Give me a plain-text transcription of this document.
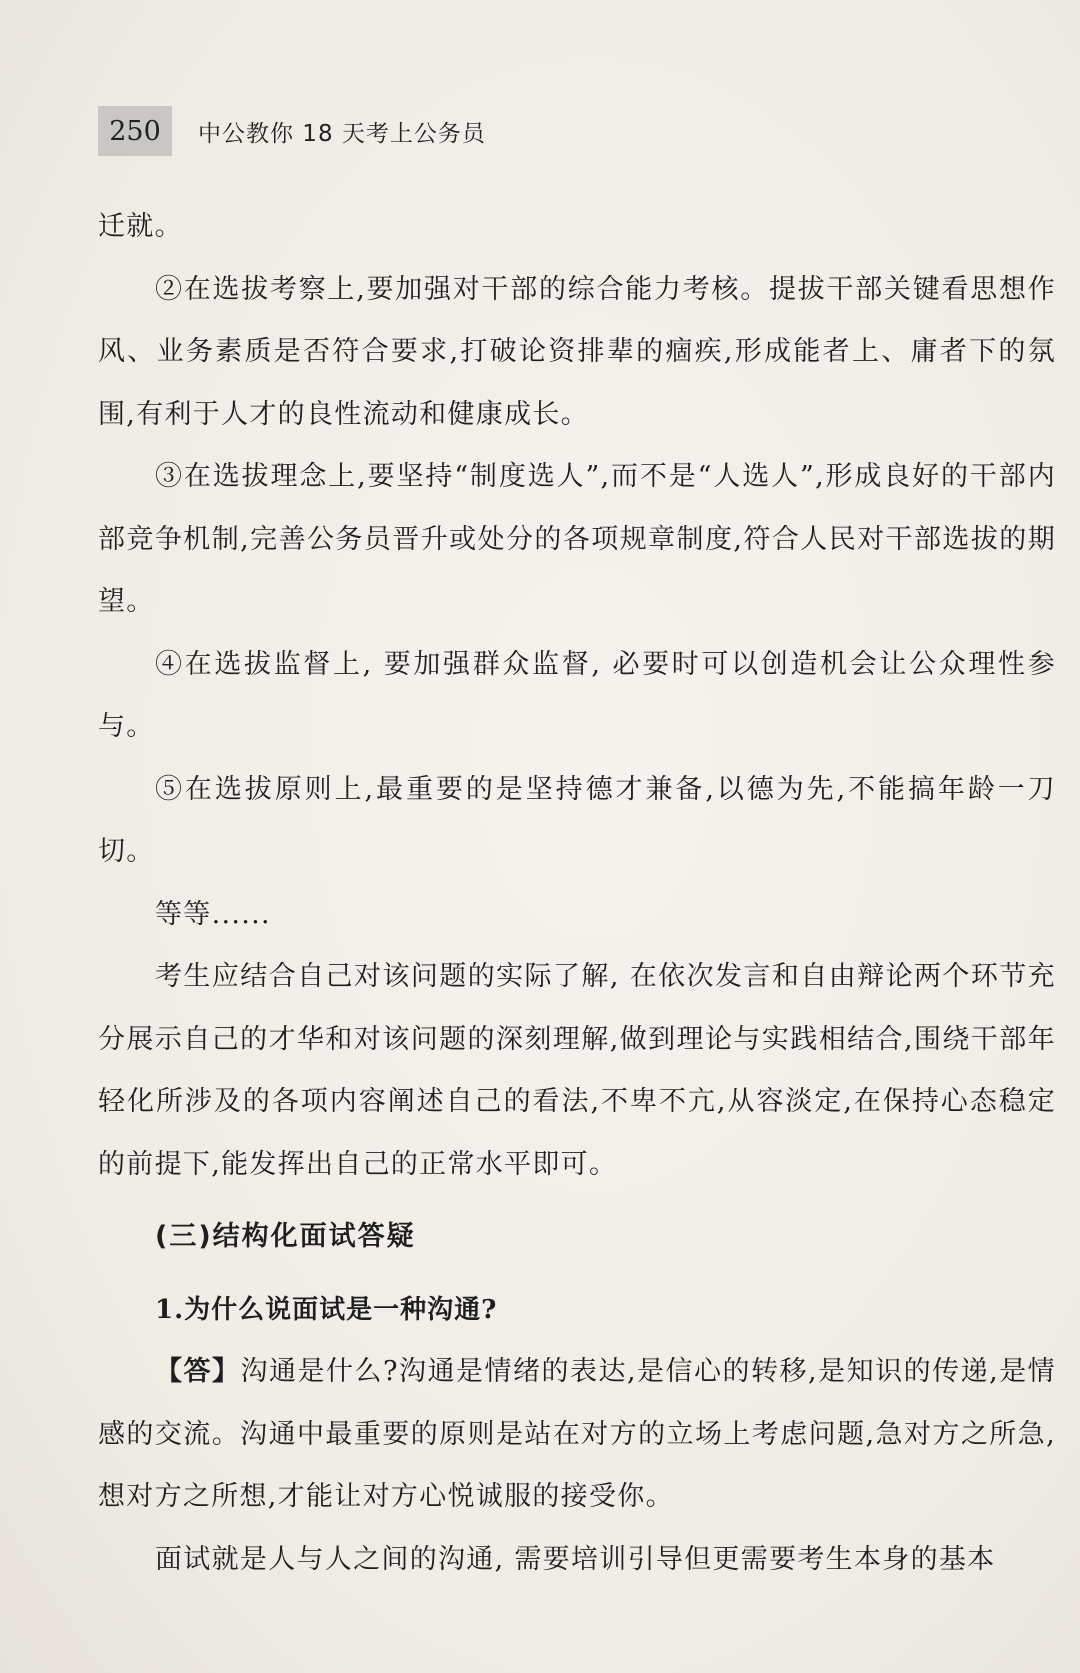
250	中公教你 18 天考上公务员

迁就。

②在选拔考察上,要加强对干部的综合能力考核。提拔干部关键看思想作风、业务素质是否符合要求,打破论资排辈的痼疾,形成能者上、庸者下的氛围,有利于人才的良性流动和健康成长。

③在选拔理念上,要坚持“制度选人”,而不是“人选人”,形成良好的干部内部竞争机制,完善公务员晋升或处分的各项规章制度,符合人民对干部选拔的期望。

④在选拔监督上, 要加强群众监督, 必要时可以创造机会让公众理性参与。

⑤在选拔原则上,最重要的是坚持德才兼备,以德为先,不能搞年龄一刀切。

等等......

考生应结合自己对该问题的实际了解, 在依次发言和自由辩论两个环节充分展示自己的才华和对该问题的深刻理解,做到理论与实践相结合,围绕干部年轻化所涉及的各项内容阐述自己的看法,不卑不亢,从容淡定,在保持心态稳定的前提下,能发挥出自己的正常水平即可。

(三)结构化面试答疑
1.为什么说面试是一种沟通?

【答】沟通是什么?沟通是情绪的表达,是信心的转移,是知识的传递,是情感的交流。沟通中最重要的原则是站在对方的立场上考虑问题,急对方之所急,想对方之所想,才能让对方心悦诚服的接受你。

面试就是人与人之间的沟通, 需要培训引导但更需要考生本身的基本
